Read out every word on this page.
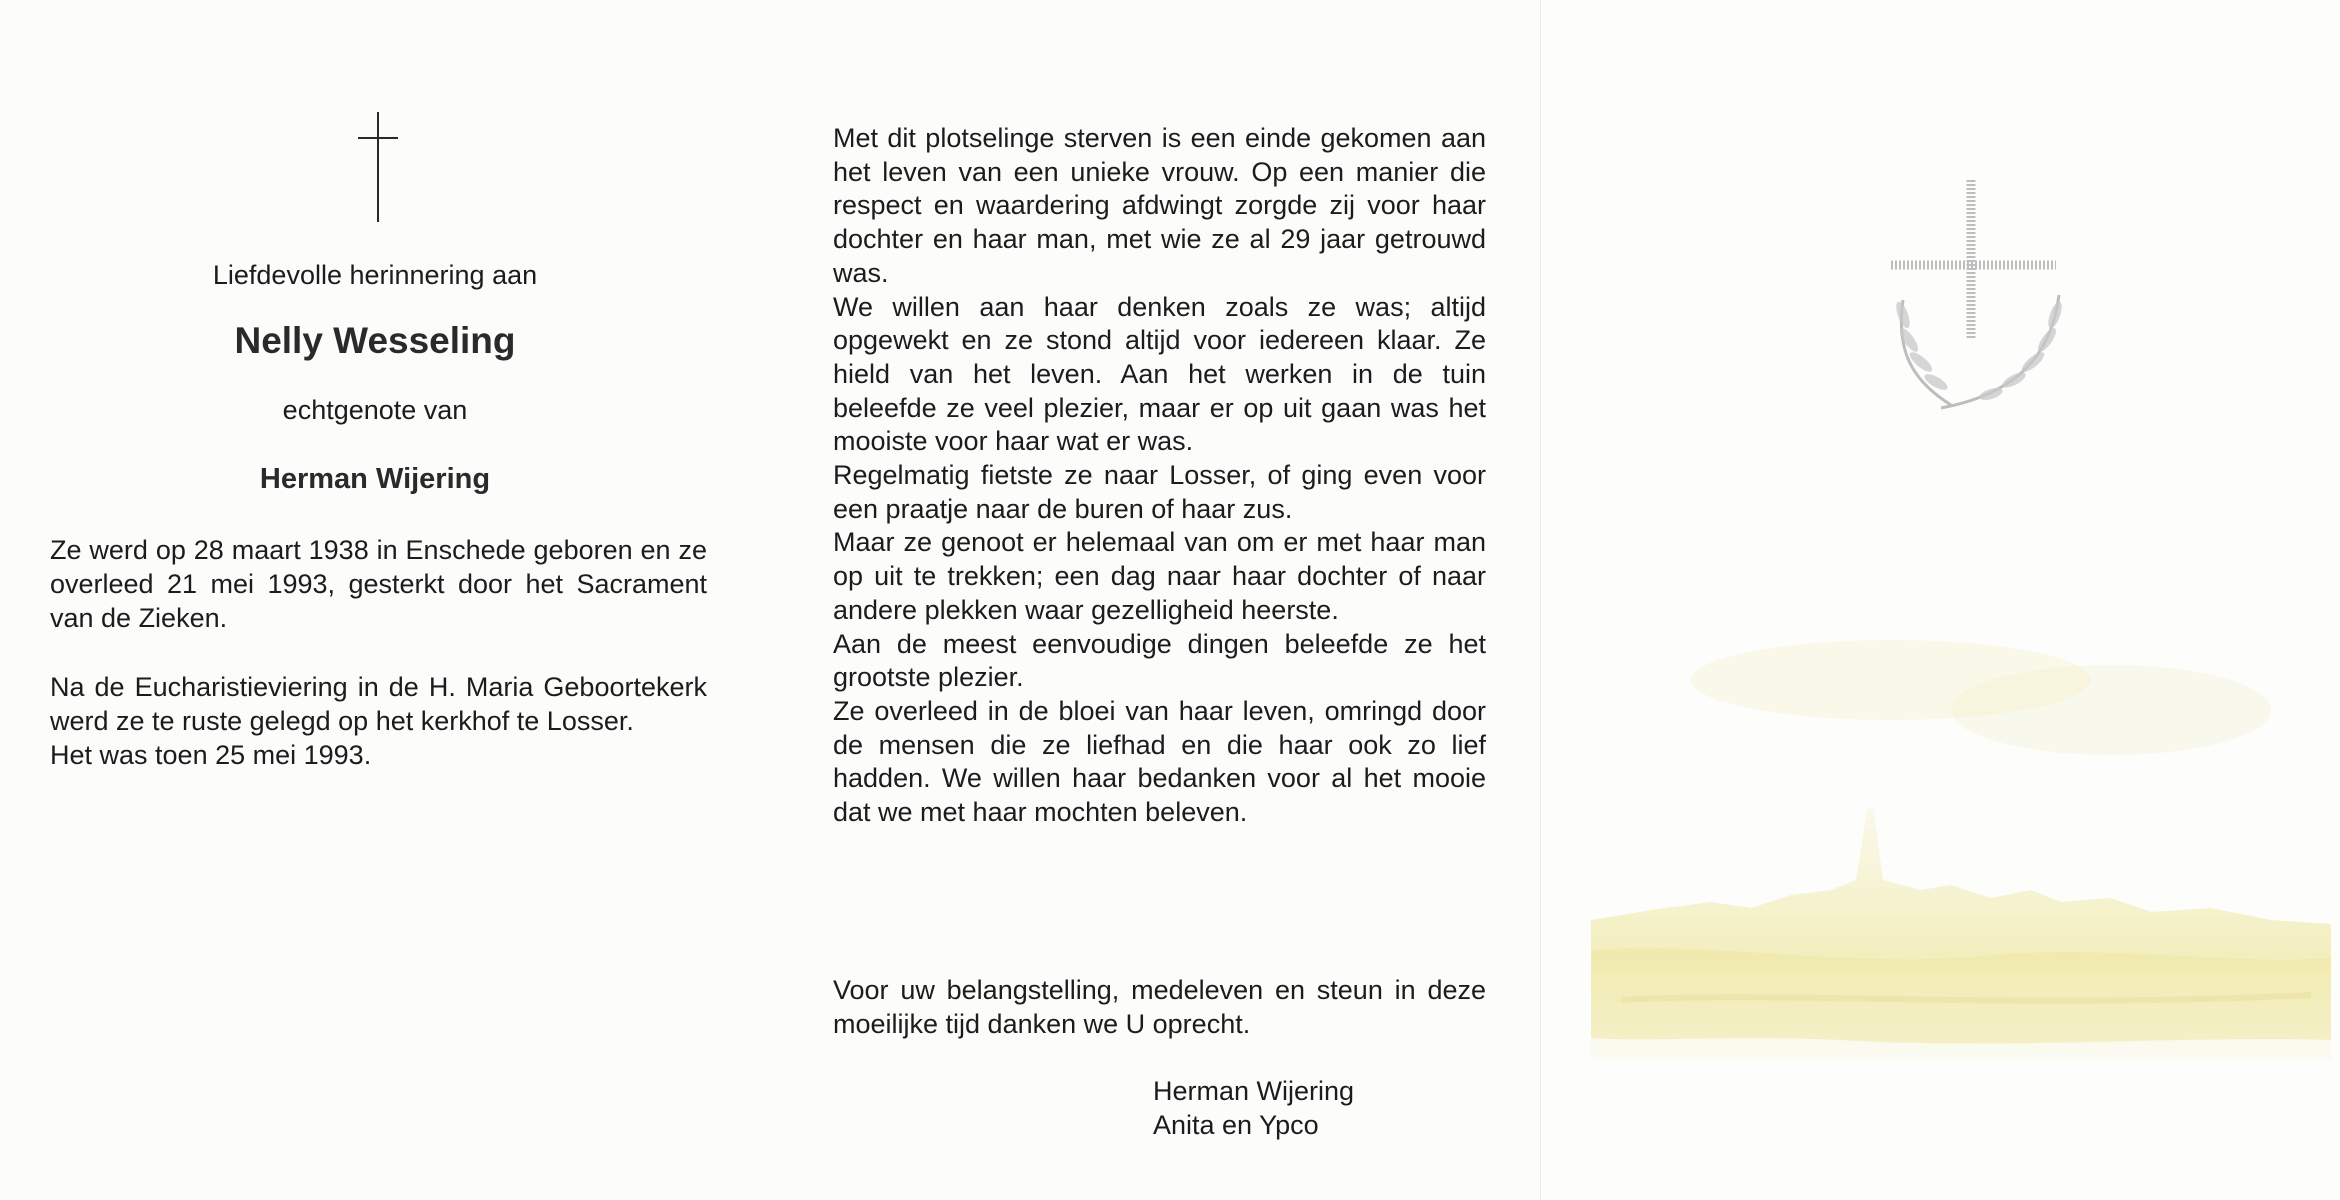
Liefdevolle herinnering aan
Nelly Wesseling
echtgenote van
Herman Wijering

Ze werd op 28 maart 1938 in Enschede geboren en ze overleed 21 mei 1993, gesterkt door het Sacrament van de Zieken.

Na de Eucharistieviering in de H. Maria Geboortekerk werd ze te ruste gelegd op het kerkhof te Losser.

Het was toen 25 mei 1993.

Met dit plotselinge sterven is een einde gekomen aan het leven van een unieke vrouw. Op een manier die respect en waardering afdwingt zorgde zij voor haar dochter en haar man, met wie ze al 29 jaar getrouwd was.

We willen aan haar denken zoals ze was; altijd opgewekt en ze stond altijd voor iedereen klaar. Ze hield van het leven. Aan het werken in de tuin beleefde ze veel plezier, maar er op uit gaan was het mooiste voor haar wat er was.

Regelmatig fietste ze naar Losser, of ging even voor een praatje naar de buren of haar zus.

Maar ze genoot er helemaal van om er met haar man op uit te trekken; een dag naar haar dochter of naar andere plekken waar gezelligheid heerste.

Aan de meest eenvoudige dingen beleefde ze het grootste plezier.

Ze overleed in de bloei van haar leven, omringd door de mensen die ze liefhad en die haar ook zo lief hadden. We willen haar bedanken voor al het mooie dat we met haar mochten beleven.

Voor uw belangstelling, medeleven en steun in deze moeilijke tijd danken we U oprecht.

Herman Wijering
Anita en Ypco
